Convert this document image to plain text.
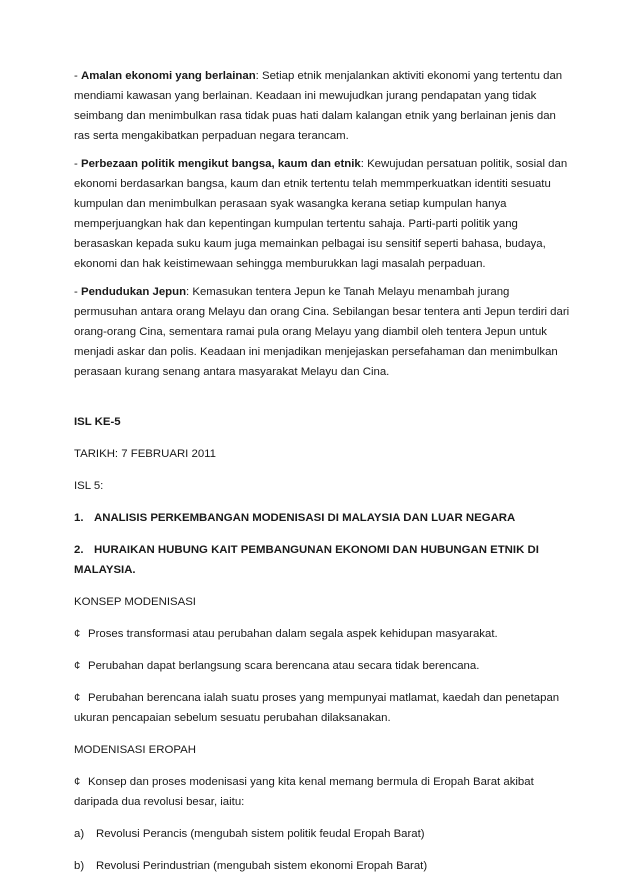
- Amalan ekonomi yang berlainan: Setiap etnik menjalankan aktiviti ekonomi yang tertentu dan mendiami kawasan yang berlainan. Keadaan ini mewujudkan jurang pendapatan yang tidak seimbang dan menimbulkan rasa tidak puas hati dalam kalangan etnik yang berlainan jenis dan ras serta mengakibatkan perpaduan negara terancam.

- Perbezaan politik mengikut bangsa, kaum dan etnik: Kewujudan persatuan politik, sosial dan ekonomi berdasarkan bangsa, kaum dan etnik tertentu telah memmperkuatkan identiti sesuatu kumpulan dan menimbulkan perasaan syak wasangka kerana setiap kumpulan hanya memperjuangkan hak dan kepentingan kumpulan tertentu sahaja. Parti-parti politik yang berasaskan kepada suku kaum juga memainkan pelbagai isu sensitif seperti bahasa, budaya, ekonomi dan hak keistimewaan sehingga memburukkan lagi masalah perpaduan.

- Pendudukan Jepun: Kemasukan tentera Jepun ke Tanah Melayu menambah jurang permusuhan antara orang Melayu dan orang Cina. Sebilangan besar tentera anti Jepun terdiri dari orang-orang Cina, sementara ramai pula orang Melayu yang diambil oleh tentera Jepun untuk menjadi askar dan polis. Keadaan ini menjadikan menjejaskan persefahaman dan menimbulkan perasaan kurang senang antara masyarakat Melayu dan Cina.

ISL KE-5

TARIKH: 7 FEBRUARI 2011

ISL 5:

1. ANALISIS PERKEMBANGAN MODENISASI DI MALAYSIA DAN LUAR NEGARA

2. HURAIKAN HUBUNG KAIT PEMBANGUNAN EKONOMI DAN HUBUNGAN ETNIK DI MALAYSIA.

KONSEP MODENISASI

¢ Proses transformasi atau perubahan dalam segala aspek kehidupan masyarakat.

¢ Perubahan dapat berlangsung scara berencana atau secara tidak berencana.

¢ Perubahan berencana ialah suatu proses yang mempunyai matlamat, kaedah dan penetapan ukuran pencapaian sebelum sesuatu perubahan dilaksanakan.

MODENISASI EROPAH

¢ Konsep dan proses modenisasi yang kita kenal memang bermula di Eropah Barat akibat daripada dua revolusi besar, iaitu:

a) Revolusi Perancis (mengubah sistem politik feudal Eropah Barat)

b) Revolusi Perindustrian (mengubah sistem ekonomi Eropah Barat)
